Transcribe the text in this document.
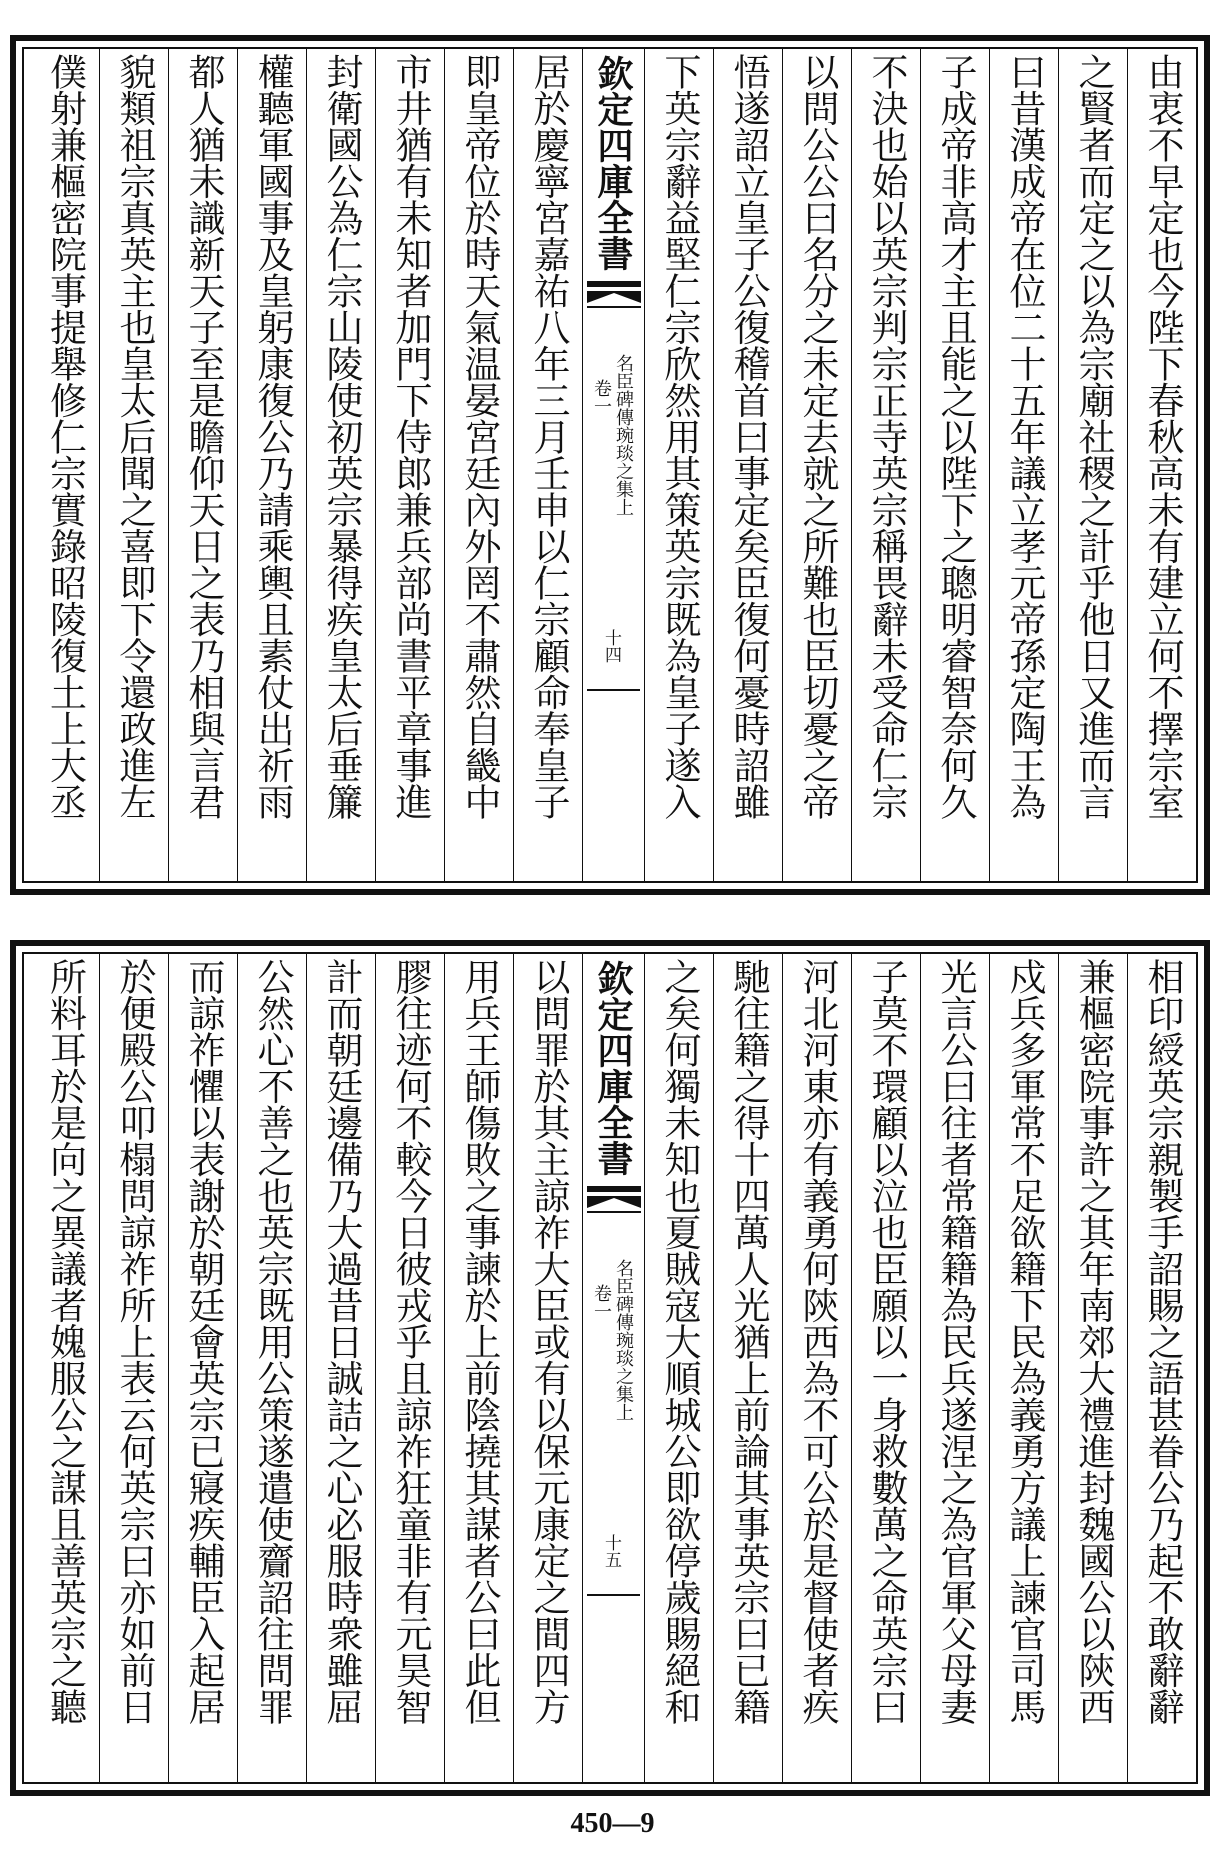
由衷不早定也今陛下春秋高未有建立何不擇宗室
之賢者而定之以為宗廟社稷之計乎他日又進而言
曰昔漢成帝在位二十五年議立孝元帝孫定陶王為
子成帝非高才主且能之以陛下之聰明睿智奈何久
不決也始以英宗判宗正寺英宗稱畏辭未受命仁宗
以問公公曰名分之未定去就之所難也臣切憂之帝
悟遂詔立皇子公復稽首曰事定矣臣復何憂時詔雖
下英宗辭益堅仁宗欣然用其策英宗既為皇子遂入
欽定四庫全書
名臣碑傳琬琰之集上
卷一
十四
居於慶寧宮嘉祐八年三月壬申以仁宗顧命奉皇子
即皇帝位於時天氣温晏宮廷內外罔不肅然自畿中
市井猶有未知者加門下侍郎兼兵部尚書平章事進
封衛國公為仁宗山陵使初英宗暴得疾皇太后垂簾
權聽軍國事及皇躬康復公乃請乘輿且素仗出祈雨
都人猶未識新天子至是瞻仰天日之表乃相與言君
貌類祖宗真英主也皇太后聞之喜即下令還政進左
僕射兼樞密院事提舉修仁宗實錄昭陵復土上大丞
相印綬英宗親製手詔賜之語甚眷公乃起不敢辭辭
兼樞密院事許之其年南郊大禮進封魏國公以陝西
戍兵多軍常不足欲籍下民為義勇方議上諫官司馬
光言公曰往者常籍籍為民兵遂涅之為官軍父母妻
子莫不環顧以泣也臣願以一身救數萬之命英宗曰
河北河東亦有義勇何陝西為不可公於是督使者疾
馳往籍之得十四萬人光猶上前論其事英宗曰已籍
之矣何獨未知也夏賊寇大順城公即欲停歲賜絕和
欽定四庫全書
名臣碑傳琬琰之集上
卷一
十五
以問罪於其主諒祚大臣或有以保元康定之間四方
用兵王師傷敗之事諫於上前陰撓其謀者公曰此但
膠往迹何不較今日彼戎乎且諒祚狂童非有元昊智
計而朝廷邊備乃大過昔日誠詰之心必服時衆雖屈
公然心不善之也英宗既用公策遂遣使齎詔往問罪
而諒祚懼以表謝於朝廷會英宗已寢疾輔臣入起居
於便殿公叩榻問諒祚所上表云何英宗曰亦如前日
所料耳於是向之異議者媿服公之謀且善英宗之聽
450—9
